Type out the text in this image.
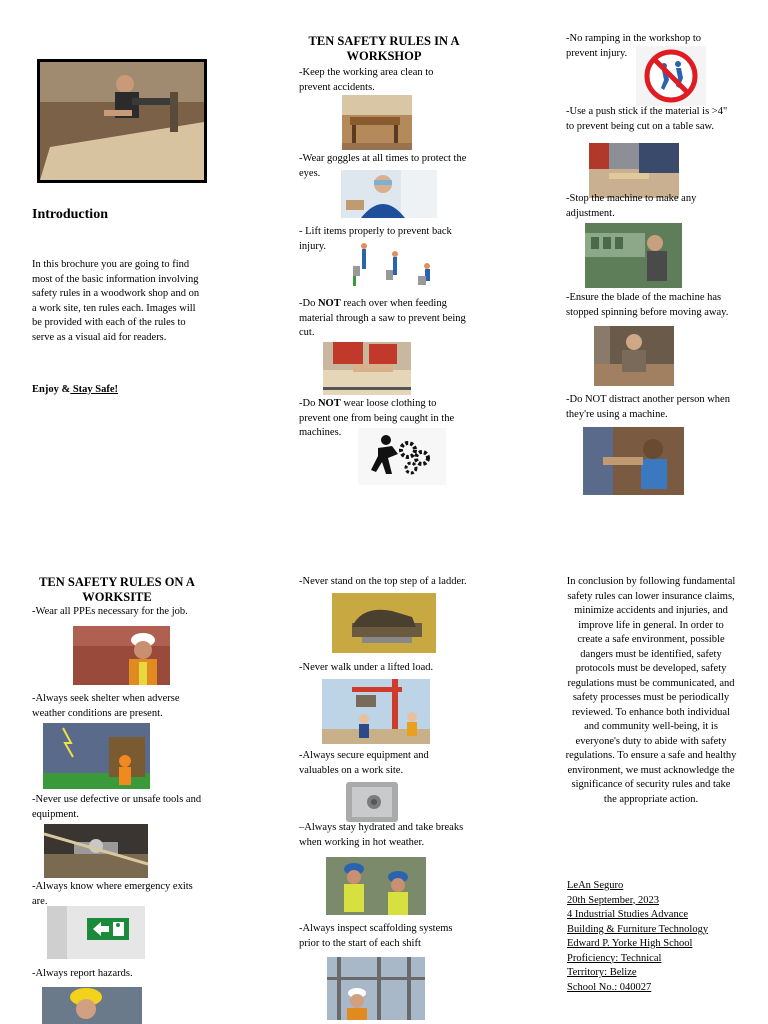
Introduction
In this brochure you are going to find most of the basic information involving safety rules in a woodwork shop and on a work site, ten rules each. Images will be provided with each of the rules to serve as a visual aid for readers.
Enjoy & Stay Safe!
TEN SAFETY RULES IN A WORKSHOP
-Keep the working area clean to prevent accidents.
-Wear goggles at all times to protect the eyes.
- Lift items properly to prevent back injury.
-Do NOT reach over when feeding material through a saw to prevent being cut.
-Do NOT wear loose clothing to prevent one from being caught in the machines.
-No ramping in the workshop to prevent injury.
-Use a push stick if the material is >4" to prevent being cut on a table saw.
-Stop the machine to make any adjustment.
-Ensure the blade of the machine has stopped spinning before moving away.
-Do NOT distract another person when they're using a machine.
TEN SAFETY RULES ON A WORKSITE
-Wear all PPEs necessary for the job.
-Always seek shelter when adverse weather conditions are present.
-Never use defective or unsafe tools and equipment.
-Always know where emergency exits are.
-Always report hazards.
-Never stand on the top step of a ladder.
-Never walk under a lifted load.
-Always secure equipment and valuables on a work site.
–Always stay hydrated and take breaks when working in hot weather.
-Always inspect scaffolding systems prior to the start of each shift
In conclusion by following fundamental safety rules can lower insurance claims, minimize accidents and injuries, and improve life in general. In order to create a safe environment, possible dangers must be identified, safety protocols must be developed, safety regulations must be communicated, and safety processes must be periodically reviewed. To enhance both individual and community well-being, it is everyone's duty to abide with safety regulations. To ensure a safe and healthy environment, we must acknowledge the significance of security rules and take the appropriate action.
LeAn Seguro
20th September, 2023
4 Industrial Studies Advance
Building & Furniture Technology
Edward P. Yorke High School
Proficiency: Technical
Territory: Belize
School No.: 040027
